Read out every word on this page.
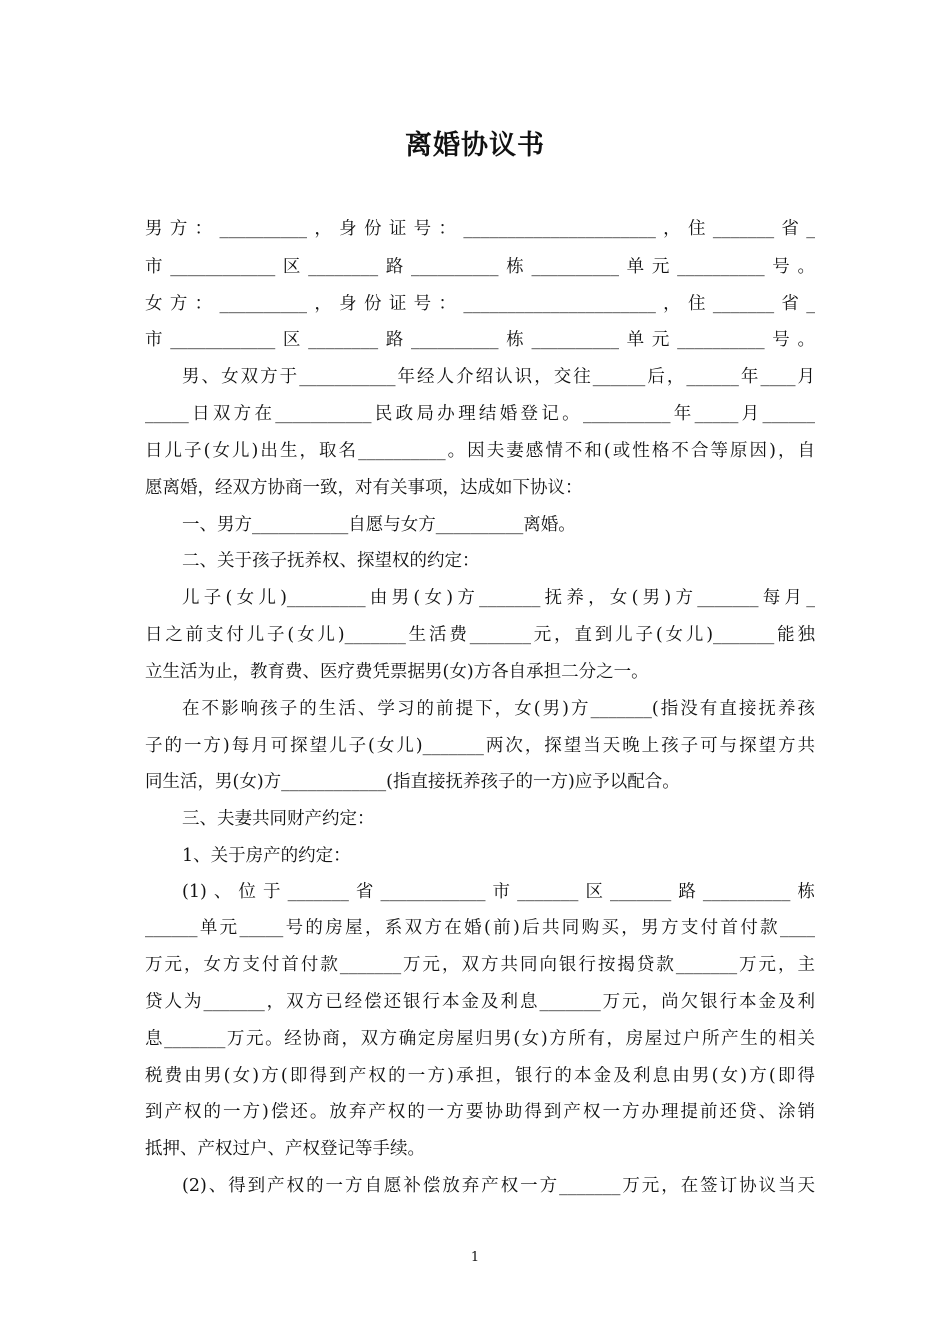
离婚协议书
男方：__________，身份证号：______________________，住_______省_
市____________区________路__________栋__________单元__________号。
女方：__________，身份证号：______________________，住_______省_
市____________区________路__________栋__________单元__________号。
男、女双方于___________年经人介绍认识，交往______后，______年____月
_____日双方在___________民政局办理结婚登记。__________年_____月______
日儿子(女儿)出生，取名__________。因夫妻感情不和(或性格不合等原因)，自
愿离婚，经双方协商一致，对有关事项，达成如下协议：
一、男方___________自愿与女方__________离婚。
二、关于孩子抚养权、探望权的约定：
儿子(女儿)_________由男(女)方_______抚养，女(男)方_______每月_
日之前支付儿子(女儿)_______生活费_______元，直到儿子(女儿)_______能独
立生活为止，教育费、医疗费凭票据男(女)方各自承担二分之一。
在不影响孩子的生活、学习的前提下，女(男)方_______(指没有直接抚养孩
子的一方)每月可探望儿子(女儿)_______两次，探望当天晚上孩子可与探望方共
同生活，男(女)方____________(指直接抚养孩子的一方)应予以配合。
三、夫妻共同财产约定：
1、关于房产的约定：
(1)、位于_______省____________市_______区_______路__________栋
______单元_____号的房屋，系双方在婚(前)后共同购买，男方支付首付款____
万元，女方支付首付款_______万元，双方共同向银行按揭贷款_______万元，主
贷人为_______，双方已经偿还银行本金及利息_______万元，尚欠银行本金及利
息_______万元。经协商，双方确定房屋归男(女)方所有，房屋过户所产生的相关
税费由男(女)方(即得到产权的一方)承担，银行的本金及利息由男(女)方(即得
到产权的一方)偿还。放弃产权的一方要协助得到产权一方办理提前还贷、涂销
抵押、产权过户、产权登记等手续。
(2)、得到产权的一方自愿补偿放弃产权一方_______万元，在签订协议当天
1
